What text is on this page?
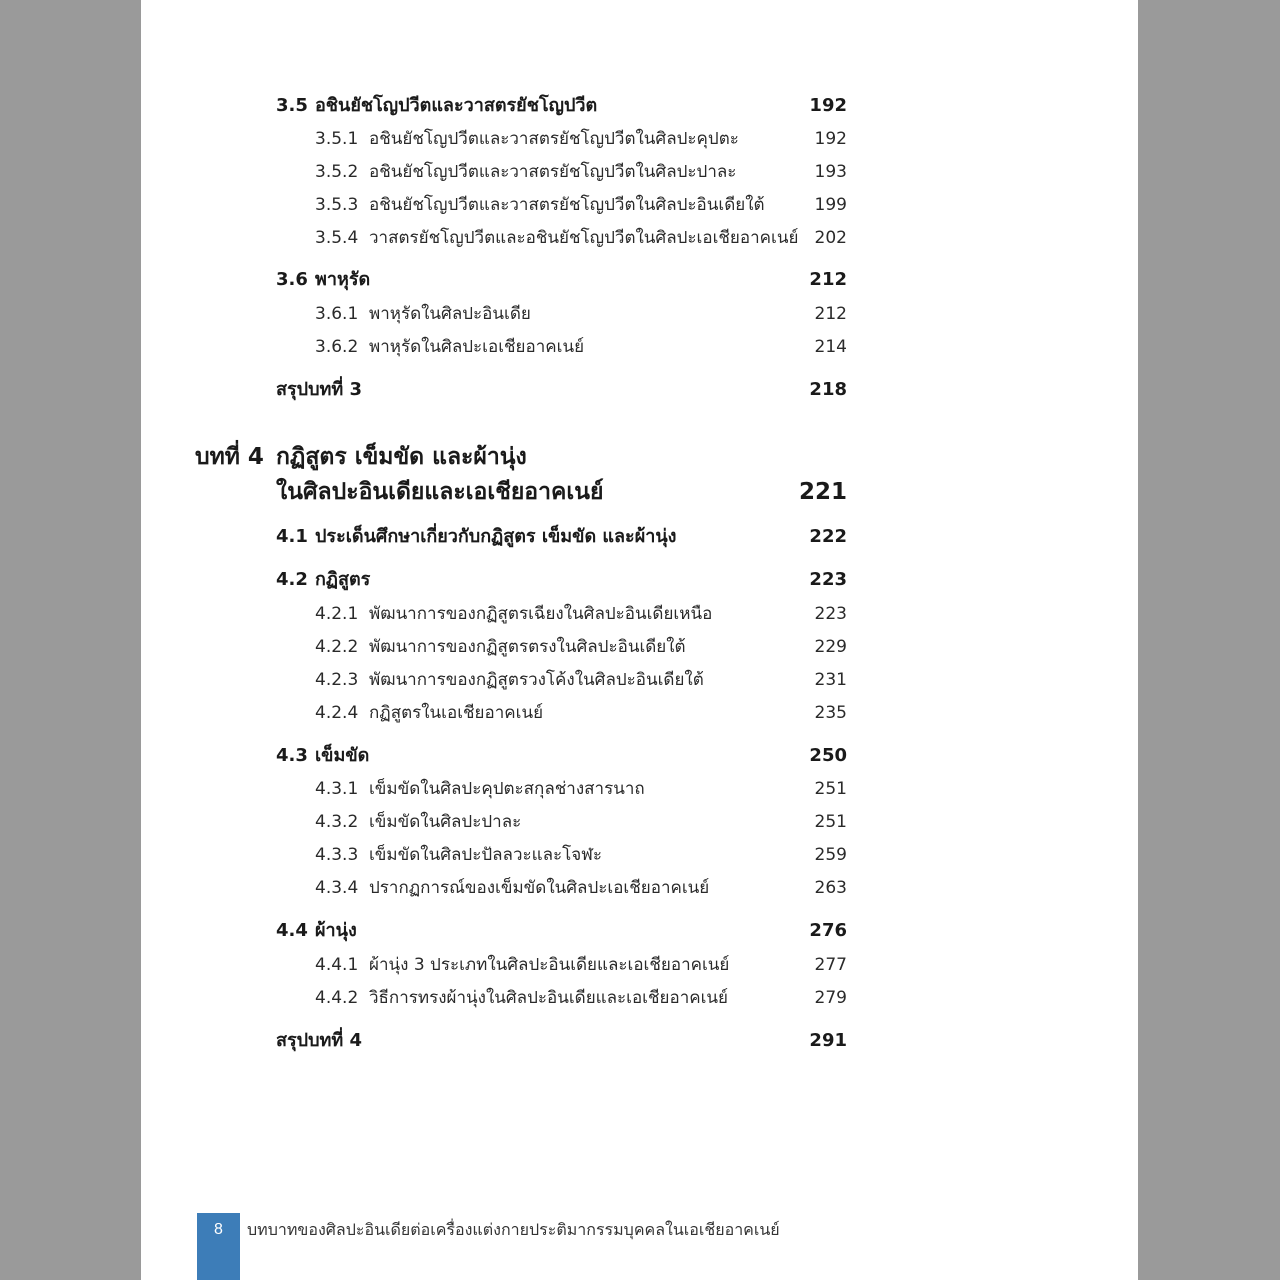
3.5 อชินยัชโญปวีตและวาสตรยัชโญปวีต	192
3.5.1 อชินยัชโญปวีตและวาสตรยัชโญปวีตในศิลปะคุปตะ	192
3.5.2 อชินยัชโญปวีตและวาสตรยัชโญปวีตในศิลปะปาละ	193
3.5.3 อชินยัชโญปวีตและวาสตรยัชโญปวีตในศิลปะอินเดียใต้	199
3.5.4 วาสตรยัชโญปวีตและอชินยัชโญปวีตในศิลปะเอเชียอาคเนย์ 202
3.6 พาหุรัด	212
3.6.1 พาหุรัดในศิลปะอินเดีย	212
3.6.2 พาหุรัดในศิลปะเอเชียอาคเนย์	214
สรุปบทที่ 3	218
บทที่ 4 กฏิสูตร เข็มขัด และผ้านุ่ง
ในศิลปะอินเดียและเอเชียอาคเนย์	221
4.1 ประเด็นศึกษาเกี่ยวกับกฏิสูตร เข็มขัด และผ้านุ่ง	222
4.2 กฏิสูตร	223
4.2.1 พัฒนาการของกฏิสูตรเฉียงในศิลปะอินเดียเหนือ	223
4.2.2 พัฒนาการของกฏิสูตรตรงในศิลปะอินเดียใต้	229
4.2.3 พัฒนาการของกฏิสูตรวงโค้งในศิลปะอินเดียใต้	231
4.2.4 กฏิสูตรในเอเชียอาคเนย์	235
4.3 เข็มขัด	250
4.3.1 เข็มขัดในศิลปะคุปตะสกุลช่างสารนาถ	251
4.3.2 เข็มขัดในศิลปะปาละ	251
4.3.3 เข็มขัดในศิลปะปัลลวะและโจฬะ	259
4.3.4 ปรากฏการณ์ของเข็มขัดในศิลปะเอเชียอาคเนย์	263
4.4 ผ้านุ่ง	276
4.4.1 ผ้านุ่ง 3 ประเภทในศิลปะอินเดียและเอเชียอาคเนย์	277
4.4.2 วิธีการทรงผ้านุ่งในศิลปะอินเดียและเอเชียอาคเนย์	279
สรุปบทที่ 4	291
8	บทบาทของศิลปะอินเดียต่อเครื่องแต่งกายประติมากรรมบุคคลในเอเชียอาคเนย์
